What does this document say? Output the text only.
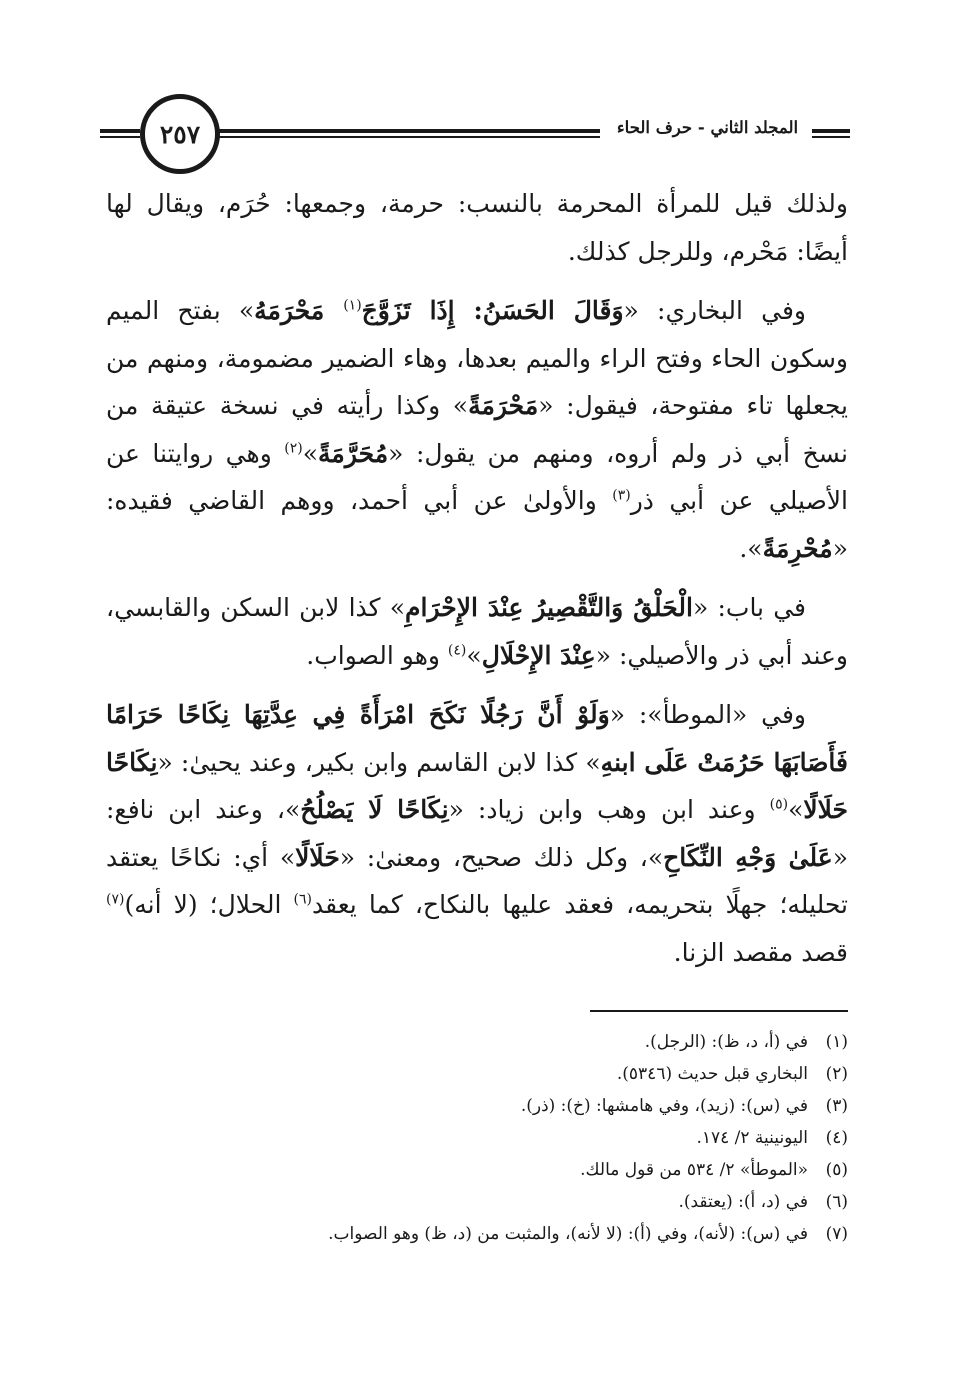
المجلد الثاني - حرف الحاء
٢٥٧

ولذلك قيل للمرأة المحرمة بالنسب: حرمة، وجمعها: حُرَم، ويقال لها أيضًا: مَحْرم، وللرجل كذلك.

وفي البخاري: «وَقَالَ الحَسَنُ: إِذَا تَزَوَّجَ$^{(١)}$ مَحْرَمَهُ» بفتح الميم وسكون الحاء وفتح الراء والميم بعدها، وهاء الضمير مضمومة، ومنهم من يجعلها تاء مفتوحة، فيقول: «مَحْرَمَةً» وكذا رأيته في نسخة عتيقة من نسخ أبي ذر ولم أروه، ومنهم من يقول: «مُحَرَّمَةً»$^{(٢)}$ وهي روايتنا عن الأصيلي عن أبي ذر$^{(٣)}$ والأولىٰ عن أبي أحمد، ووهم القاضي فقيده: «مُحْرِمَةً».

في باب: «الْحَلْقُ وَالتَّقْصِيرُ عِنْدَ الإِحْرَامِ» كذا لابن السكن والقابسي، وعند أبي ذر والأصيلي: «عِنْدَ الإِحْلَالِ»$^{(٤)}$ وهو الصواب.

وفي «الموطأ»: «وَلَوْ أَنَّ رَجُلًا نَكَحَ امْرَأَةً فِي عِدَّتِهَا نِكَاحًا حَرَامًا فَأَصَابَهَا حَرُمَتْ عَلَى ابنهِ» كذا لابن القاسم وابن بكير، وعند يحيىٰ: «نِكَاحًا حَلَالًا»$^{(٥)}$ وعند ابن وهب وابن زياد: «نِكَاحًا لَا يَصْلُحُ»، وعند ابن نافع: «عَلَىٰ وَجْهِ النِّكَاحِ»، وكل ذلك صحيح، ومعنىٰ: «حَلَالًا» أي: نكاحًا يعتقد تحليله؛ جهلًا بتحريمه، فعقد عليها بالنكاح، كما يعقد$^{(٦)}$ الحلال؛ (لا أنه)$^{(٧)}$ قصد مقصد الزنا.

(١)في (أ، د، ظ): (الرجل).
(٢)البخاري قبل حديث (٥٣٤٦).
(٣)في (س): (زيد)، وفي هامشها: (خ): (ذر).
(٤)اليونينية ٢/ ١٧٤.
(٥)«الموطأ» ٢/ ٥٣٤ من قول مالك.
(٦)في (د، أ): (يعتقد).
(٧)في (س): (لأنه)، وفي (أ): (لا لأنه)، والمثبت من (د، ظ) وهو الصواب.
